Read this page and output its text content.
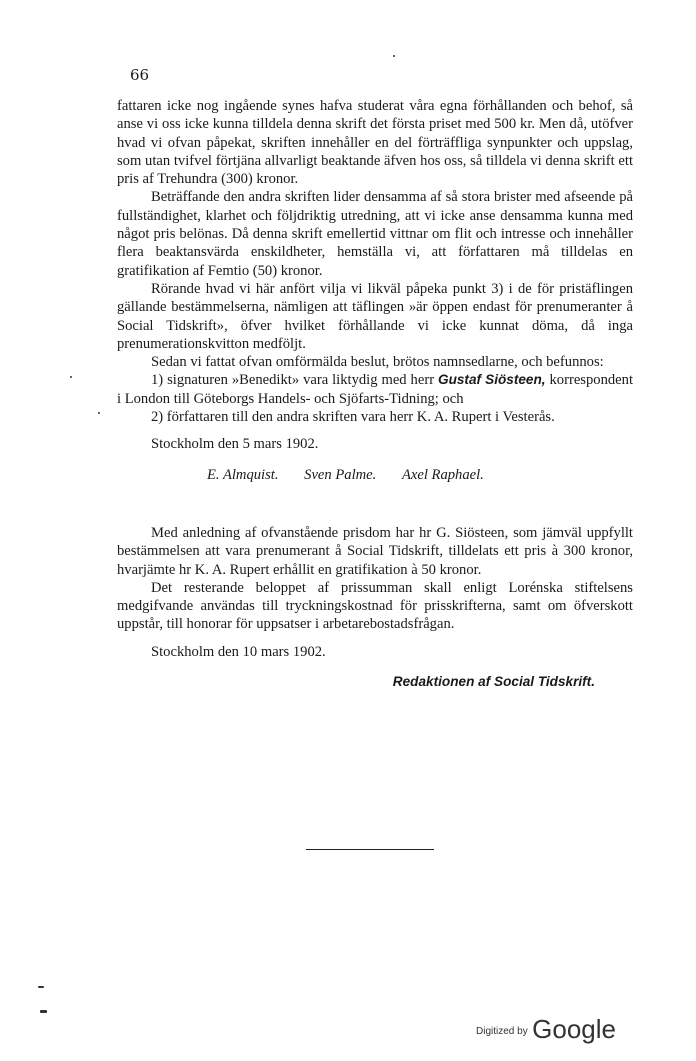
66

fattaren icke nog ingående synes hafva studerat våra egna förhållanden och behof, så anse vi oss icke kunna tilldela denna skrift det första priset med 500 kr. Men då, utöfver hvad vi ofvan påpekat, skriften innehåller en del förträffliga synpunkter och uppslag, som utan tvifvel förtjäna allvarligt beaktande äfven hos oss, så tilldela vi denna skrift ett pris af Trehundra (300) kronor.

Beträffande den andra skriften lider densamma af så stora brister med afseende på fullständighet, klarhet och följdriktig utredning, att vi icke anse densamma kunna med något pris belönas. Då denna skrift emellertid vittnar om flit och intresse och innehåller flera beaktansvärda enskildheter, hemställa vi, att författaren må tilldelas en gratifikation af Femtio (50) kronor.

Rörande hvad vi här anfört vilja vi likväl påpeka punkt 3) i de för pristäflingen gällande bestämmelserna, nämligen att täflingen »är öppen endast för prenumeranter å Social Tidskrift», öfver hvilket förhållande vi icke kunnat döma, då inga prenumerationskvitton medföljt.

Sedan vi fattat ofvan omförmälda beslut, brötos namnsedlarne, och befunnos:

1) signaturen »Benedikt» vara liktydig med herr Gustaf Siösteen, korrespondent i London till Göteborgs Handels- och Sjöfarts-Tidning; och

2) författaren till den andra skriften vara herr K. A. Rupert i Vesterås.

Stockholm den 5 mars 1902.

E. Almquist. Sven Palme. Axel Raphael.

Med anledning af ofvanstående prisdom har hr G. Siösteen, som jämväl uppfyllt bestämmelsen att vara prenumerant å Social Tidskrift, tilldelats ett pris à 300 kronor, hvarjämte hr K. A. Rupert erhållit en gratifikation à 50 kronor.

Det resterande beloppet af prissumman skall enligt Lorénska stiftelsens medgifvande användas till tryckningskostnad för prisskrifterna, samt om öfverskott uppstår, till honorar för uppsatser i arbetarebostadsfrågan.

Stockholm den 10 mars 1902.

Redaktionen af Social Tidskrift.

$^{Digitized by}$ Google
